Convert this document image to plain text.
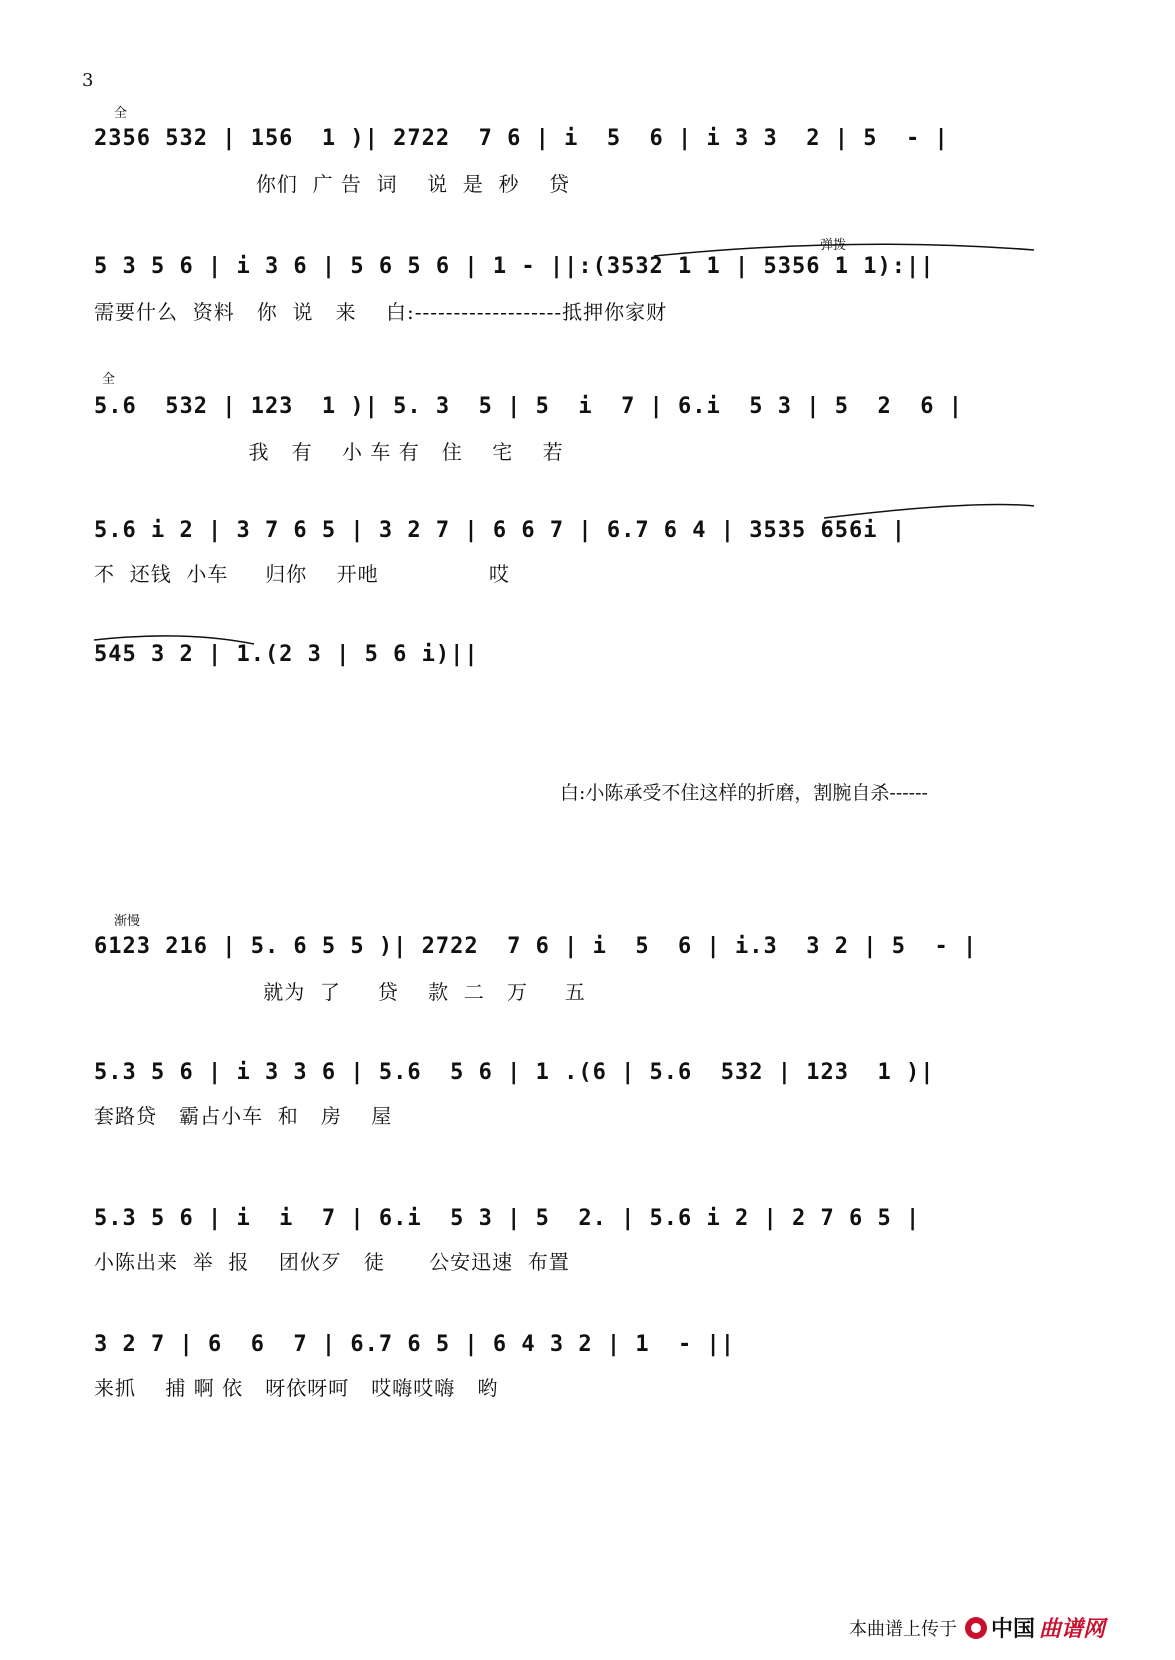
3
全
2356 532 | 156  1 )| 2722  7 6 | i  5  6 | i 3 3  2 | 5  - |
你们  广 告  词    说  是  秒    贷
弹拨
5 3 5 6 | i 3 6 | 5 6 5 6 | 1 - ||:(3532 1 1 | 5356 1 1):||
需要什么  资料   你  说   来    白:-------------------抵押你家财
全
5.6  532 | 123  1 )| 5. 3  5 | 5  i  7 | 6.i  5 3 | 5  2  6 |
我   有    小 车 有   住    宅    若
5.6 i 2 | 3 7 6 5 | 3 2 7 | 6 6 7 | 6.7 6 4 | 3535 656i |
不  还钱  小车     归你    开吔               哎
545 3 2 | 1.(2 3 | 5 6 i)||
白:小陈承受不住这样的折磨，割腕自杀------
渐慢
6123 216 | 5. 6 5 5 )| 2722  7 6 | i  5  6 | i.3  3 2 | 5  - |
就为  了     贷    款  二   万     五
5.3 5 6 | i 3 3 6 | 5.6  5 6 | 1 .(6 | 5.6  532 | 123  1 )|
套路贷   霸占小车  和   房    屋
5.3 5 6 | i  i  7 | 6.i  5 3 | 5  2. | 5.6 i 2 | 2 7 6 5 |
小陈出来  举  报    团伙歹   徒      公安迅速  布置
3 2 7 | 6  6  7 | 6.7 6 5 | 6 4 3 2 | 1  - ||
来抓    捕 啊 依   呀依呀呵   哎嗨哎嗨   哟
本曲谱上传于 中国 曲谱网
